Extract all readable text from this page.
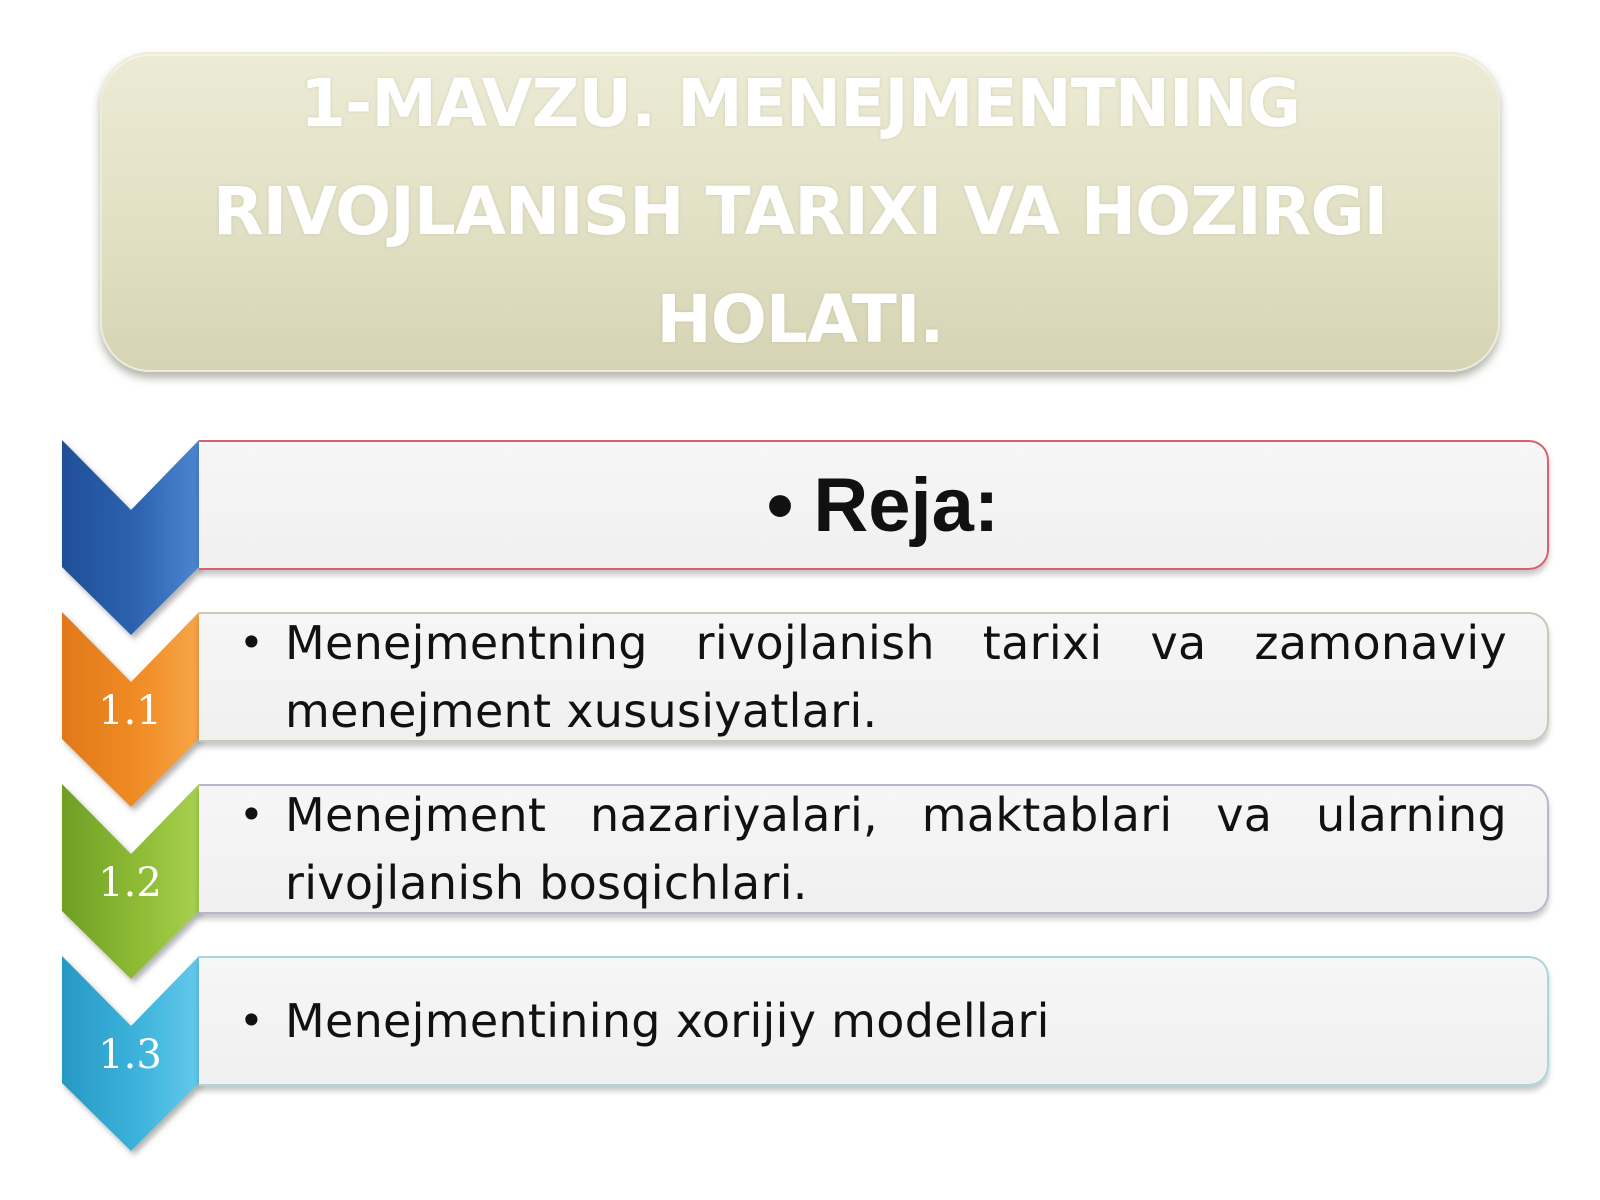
1-MAVZU. MENEJMENTNING RIVOJLANISH TARIXI VA HOZIRGI HOLATI.
1.1
1.2
1.3
• Reja:
• Menejmentning rivojlanish tarixi va zamonaviy menejment xususiyatlari.
• Menejment nazariyalari, maktablari va ularning rivojlanish bosqichlari.
• Menejmentining xorijiy modellari
